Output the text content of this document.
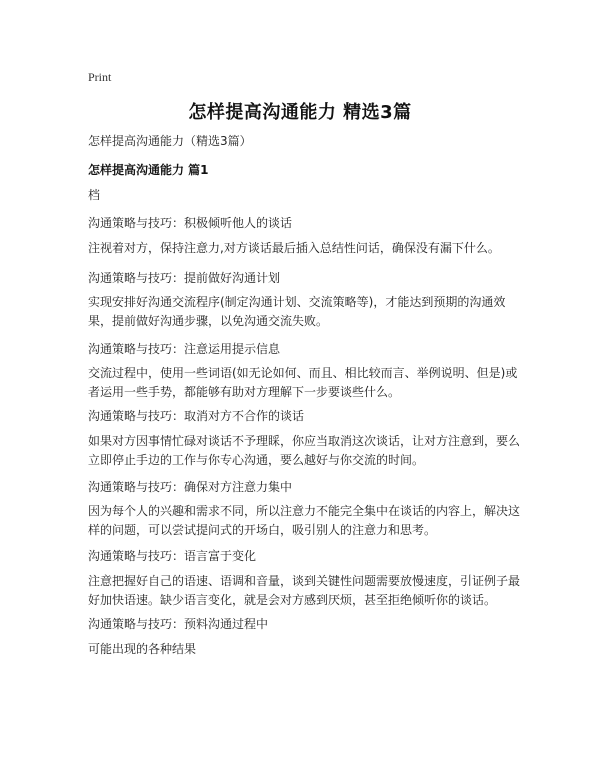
Print
怎样提高沟通能力 精选3篇
怎样提高沟通能力（精选3篇）
怎样提高沟通能力 篇1
档
沟通策略与技巧：积极倾听他人的谈话
注视着对方，保持注意力,对方谈话最后插入总结性问话，确保没有漏下什么。
沟通策略与技巧：提前做好沟通计划
实现安排好沟通交流程序(制定沟通计划、交流策略等)，才能达到预期的沟通效果，提前做好沟通步骤，以免沟通交流失败。
沟通策略与技巧：注意运用提示信息
交流过程中，使用一些词语(如无论如何、而且、相比较而言、举例说明、但是)或者运用一些手势，都能够有助对方理解下一步要谈些什么。
沟通策略与技巧：取消对方不合作的谈话
如果对方因事情忙碌对谈话不予理睬，你应当取消这次谈话，让对方注意到，要么立即停止手边的工作与你专心沟通，要么越好与你交流的时间。
沟通策略与技巧：确保对方注意力集中
因为每个人的兴趣和需求不同，所以注意力不能完全集中在谈话的内容上，解决这样的问题，可以尝试提问式的开场白，吸引别人的注意力和思考。
沟通策略与技巧：语言富于变化
注意把握好自己的语速、语调和音量，谈到关键性问题需要放慢速度，引证例子最好加快语速。缺少语言变化，就是会对方感到厌烦，甚至拒绝倾听你的谈话。
沟通策略与技巧：预料沟通过程中
可能出现的各种结果
